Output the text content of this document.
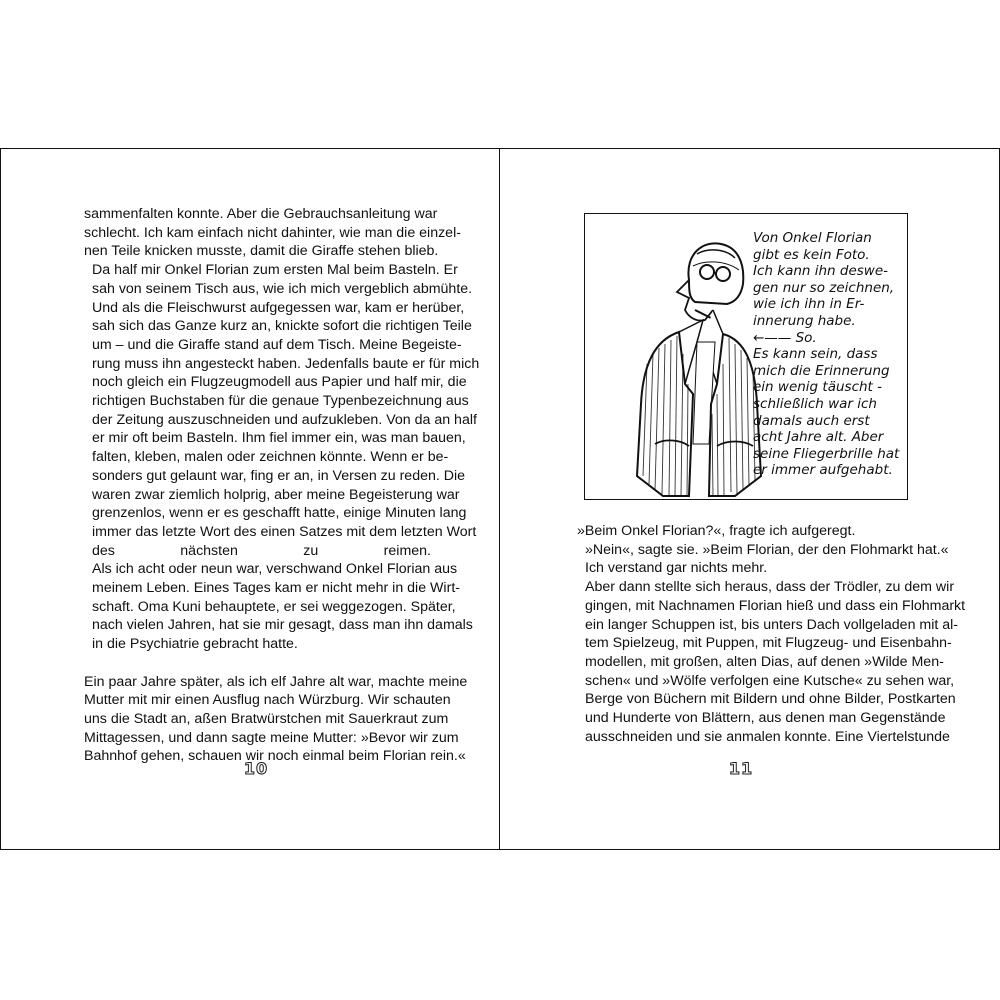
sammenfalten konnte. Aber die Gebrauchsanleitung war
schlecht. Ich kam einfach nicht dahinter, wie man die einzel-
nen Teile knicken musste, damit die Giraffe stehen blieb.

Da half mir Onkel Florian zum ersten Mal beim Basteln. Er
sah von seinem Tisch aus, wie ich mich vergeblich abmühte.
Und als die Fleischwurst aufgegessen war, kam er herüber,
sah sich das Ganze kurz an, knickte sofort die richtigen Teile
um – und die Giraffe stand auf dem Tisch. Meine Begeiste-
rung muss ihn angesteckt haben. Jedenfalls baute er für mich
noch gleich ein Flugzeugmodell aus Papier und half mir, die
richtigen Buchstaben für die genaue Typenbezeichnung aus
der Zeitung auszuschneiden und aufzukleben. Von da an half
er mir oft beim Basteln. Ihm fiel immer ein, was man bauen,
falten, kleben, malen oder zeichnen könnte. Wenn er be-
sonders gut gelaunt war, fing er an, in Versen zu reden. Die
waren zwar ziemlich holprig, aber meine Begeisterung war
grenzenlos, wenn er es geschafft hatte, einige Minuten lang
immer das letzte Wort des einen Satzes mit dem letzten Wort
des nächsten zu reimen.

Als ich acht oder neun war, verschwand Onkel Florian aus
meinem Leben. Eines Tages kam er nicht mehr in die Wirt-
schaft. Oma Kuni behauptete, er sei weggezogen. Später,
nach vielen Jahren, hat sie mir gesagt, dass man ihn damals
in die Psychiatrie gebracht hatte.

Ein paar Jahre später, als ich elf Jahre alt war, machte meine
Mutter mit mir einen Ausflug nach Würzburg. Wir schauten
uns die Stadt an, aßen Bratwürstchen mit Sauerkraut zum
Mittagessen, und dann sagte meine Mutter: »Bevor wir zum
Bahnhof gehen, schauen wir noch einmal beim Florian rein.«

10
Von Onkel Florian
gibt es kein Foto.
Ich kann ihn deswe-
gen nur so zeichnen,
wie ich ihn in Er-
innerung habe.
←—— So.
Es kann sein, dass
mich die Erinnerung
ein wenig täuscht -
schließlich war ich
damals auch erst
acht Jahre alt. Aber
seine Fliegerbrille hat
er immer aufgehabt.

»Beim Onkel Florian?«, fragte ich aufgeregt.

»Nein«, sagte sie. »Beim Florian, der den Flohmarkt hat.«

Ich verstand gar nichts mehr.

Aber dann stellte sich heraus, dass der Trödler, zu dem wir
gingen, mit Nachnamen Florian hieß und dass ein Flohmarkt
ein langer Schuppen ist, bis unters Dach vollgeladen mit al-
tem Spielzeug, mit Puppen, mit Flugzeug- und Eisenbahn-
modellen, mit großen, alten Dias, auf denen »Wilde Men-
schen« und »Wölfe verfolgen eine Kutsche« zu sehen war,
Berge von Büchern mit Bildern und ohne Bilder, Postkarten
und Hunderte von Blättern, aus denen man Gegenstände
ausschneiden und sie anmalen konnte. Eine Viertelstunde

11
